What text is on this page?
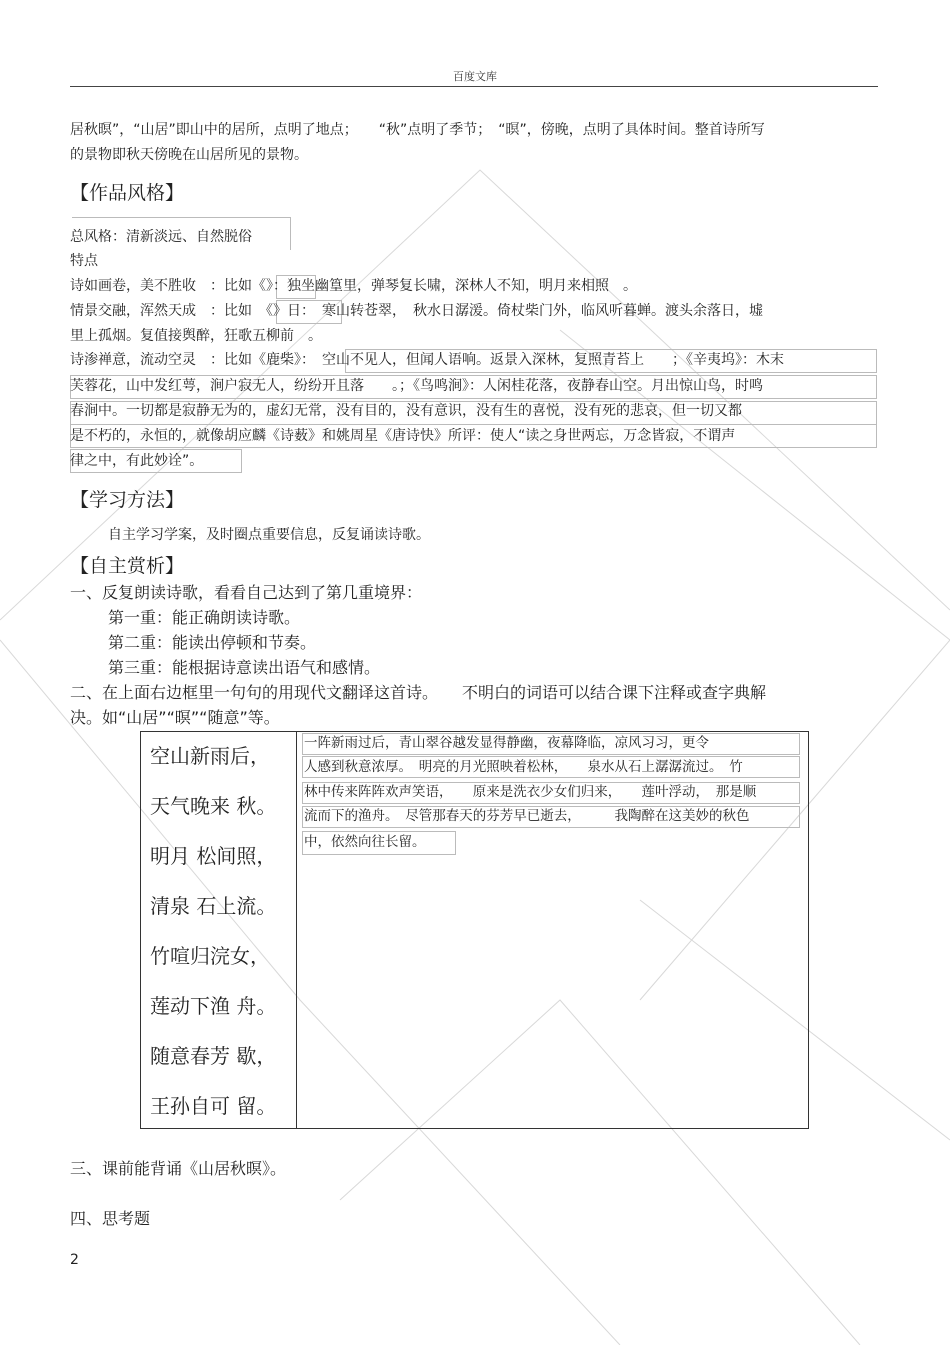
百度文库
居秋暝”，“山居”即山中的居所，点明了地点；　　“秋”点明了季节；　“暝”，傍晚，点明了具体时间。整首诗所写
的景物即秋天傍晚在山居所见的景物。
【作品风格】
总风格：清新淡远、自然脱俗
特点
诗如画卷，美不胜收　：比如《》：独坐幽篁里，弹琴复长啸，深林人不知，明月来相照　。
情景交融，浑然天成　：比如　《》日：　寒山转苍翠，　秋水日潺湲。倚杖柴门外，临风听暮蝉。渡头余落日，墟
里上孤烟。复值接舆醉，狂歌五柳前　。
诗渗禅意，流动空灵　：比如《鹿柴》：　空山不见人，但闻人语响。返景入深林，复照青苔上　　；《辛夷坞》：木末
芙蓉花，山中发红萼，涧户寂无人，纷纷开且落　　。；《鸟鸣涧》：人闲桂花落，夜静春山空。月出惊山鸟，时鸣
春涧中。一切都是寂静无为的，虚幻无常，没有目的，没有意识，没有生的喜悦，没有死的悲哀，但一切又都
是不朽的，永恒的，就像胡应麟《诗薮》和姚周星《唐诗快》所评：使人“读之身世两忘，万念皆寂，不谓声
律之中，有此妙诠”。
【学习方法】
自主学习学案，及时圈点重要信息，反复诵读诗歌。
【自主赏析】
一、反复朗读诗歌，看看自己达到了第几重境界：
第一重：能正确朗读诗歌。
第二重：能读出停顿和节奏。
第三重：能根据诗意读出语气和感情。
二、在上面右边框里一句句的用现代文翻译这首诗。　　不明白的词语可以结合课下注释或查字典解
决。如“山居”“暝”“随意”等。
空山新雨后，
天气晚来 秋。
明月 松间照，
清泉 石上流。
竹喧归浣女，
莲动下渔 舟。
随意春芳 歇，
王孙自可 留。
一阵新雨过后，青山翠谷越发显得静幽，夜幕降临，凉风习习，更令
人感到秋意浓厚。　明亮的月光照映着松林，　　泉水从石上潺潺流过。　竹
林中传来阵阵欢声笑语，　　原来是洗衣少女们归来，　　莲叶浮动，　那是顺
流而下的渔舟。　尽管那春天的芬芳早已逝去，　　　我陶醉在这美妙的秋色
中，依然向往长留。
三、课前能背诵《山居秋暝》。
四、思考题
2
